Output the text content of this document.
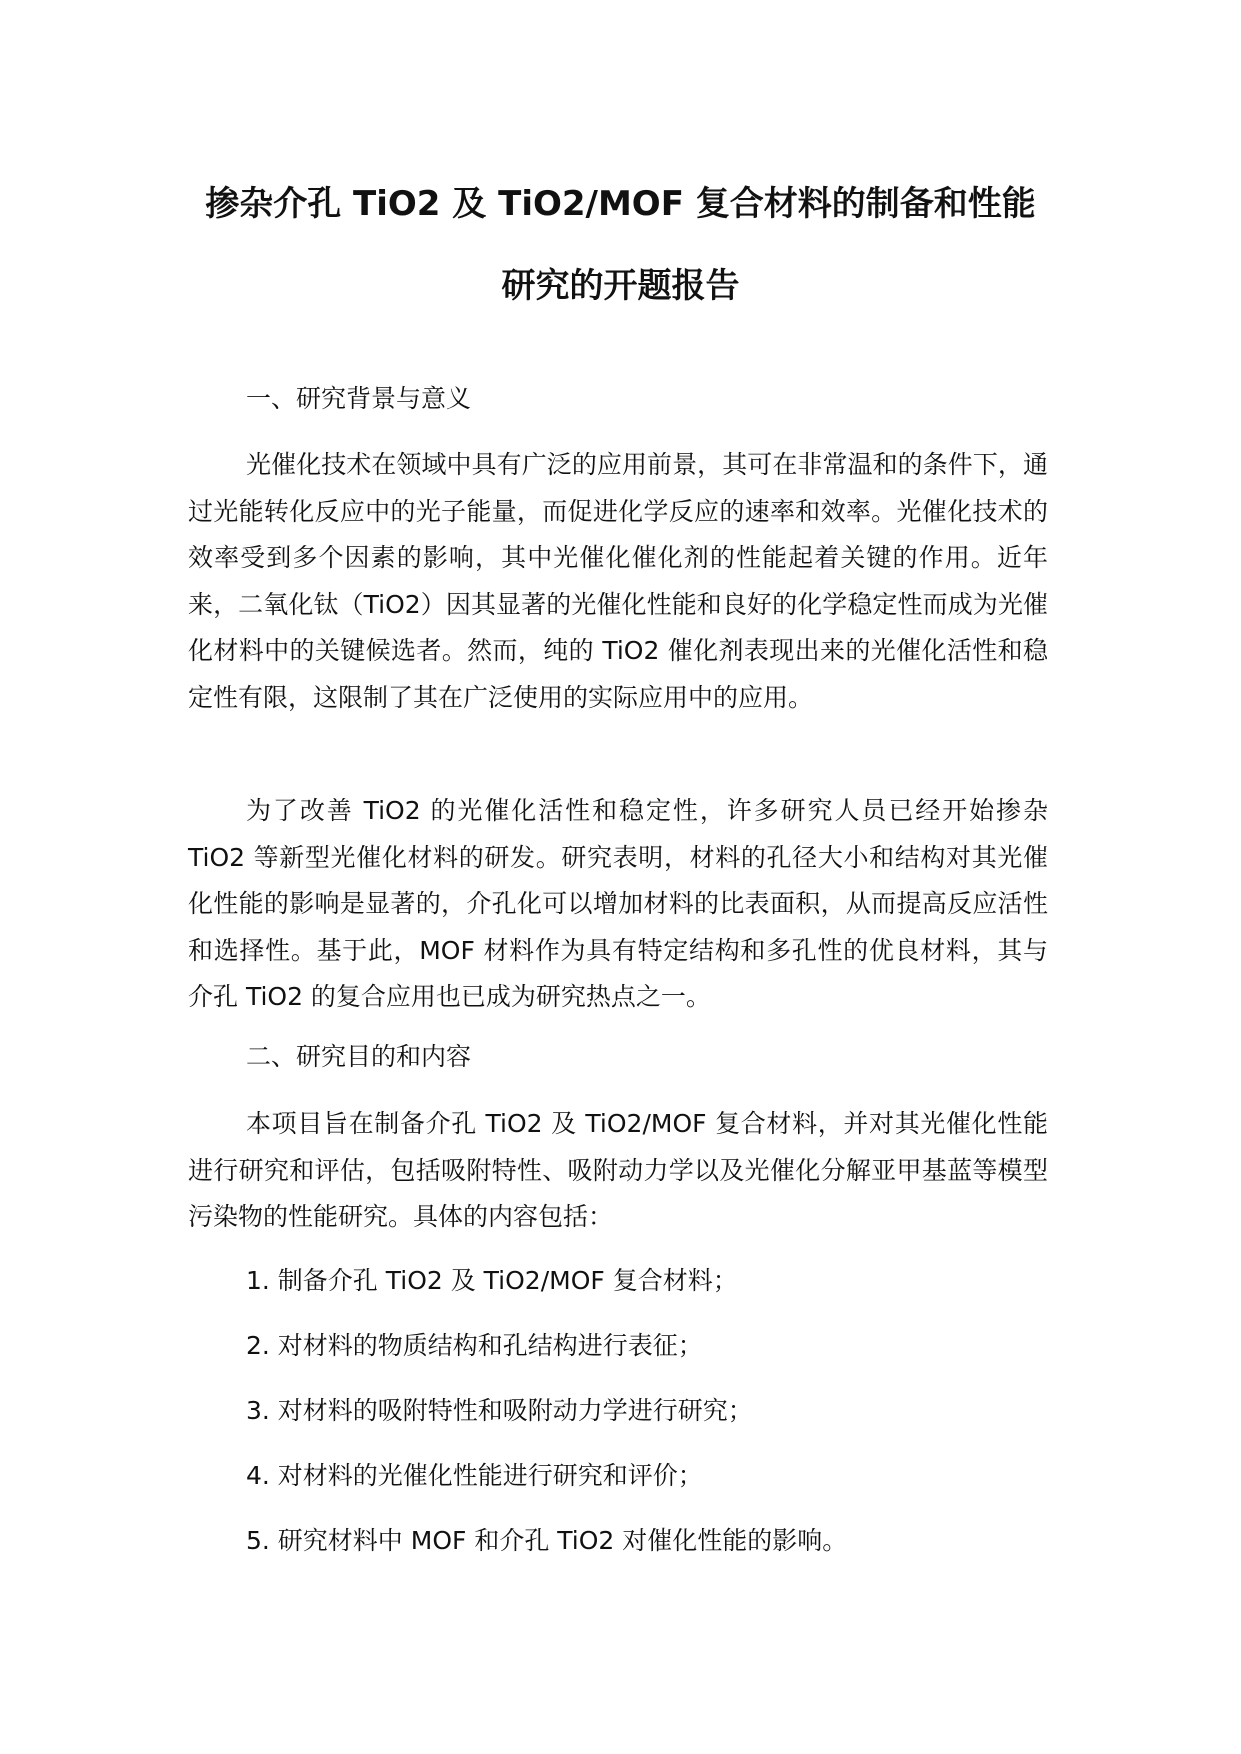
掺杂介孔 TiO2 及 TiO2/MOF 复合材料的制备和性能
研究的开题报告
一、研究背景与意义
光催化技术在领域中具有广泛的应用前景，其可在非常温和的条件下，通过光能转化反应中的光子能量，而促进化学反应的速率和效率。光催化技术的效率受到多个因素的影响，其中光催化催化剂的性能起着关键的作用。近年来，二氧化钛（TiO2）因其显著的光催化性能和良好的化学稳定性而成为光催化材料中的关键候选者。然而，纯的 TiO2 催化剂表现出来的光催化活性和稳定性有限，这限制了其在广泛使用的实际应用中的应用。
为了改善 TiO2 的光催化活性和稳定性，许多研究人员已经开始掺杂 TiO2 等新型光催化材料的研发。研究表明，材料的孔径大小和结构对其光催化性能的影响是显著的，介孔化可以增加材料的比表面积，从而提高反应活性和选择性。基于此，MOF 材料作为具有特定结构和多孔性的优良材料，其与介孔 TiO2 的复合应用也已成为研究热点之一。
二、研究目的和内容
本项目旨在制备介孔 TiO2 及 TiO2/MOF 复合材料，并对其光催化性能进行研究和评估，包括吸附特性、吸附动力学以及光催化分解亚甲基蓝等模型污染物的性能研究。具体的内容包括：
1. 制备介孔 TiO2 及 TiO2/MOF 复合材料；
2. 对材料的物质结构和孔结构进行表征；
3. 对材料的吸附特性和吸附动力学进行研究；
4. 对材料的光催化性能进行研究和评价；
5. 研究材料中 MOF 和介孔 TiO2 对催化性能的影响。
